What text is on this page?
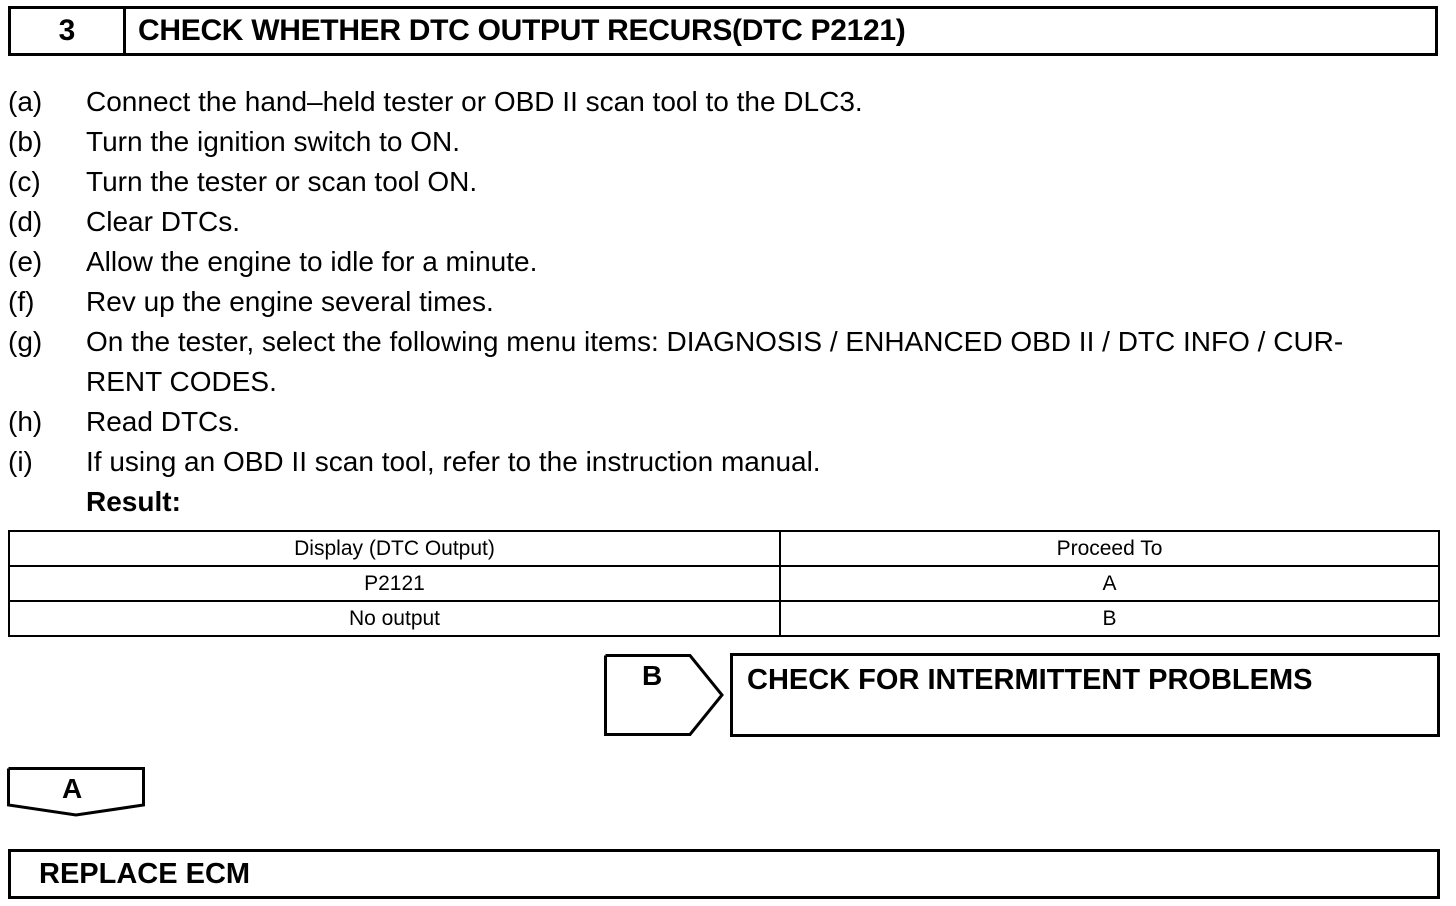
3	CHECK WHETHER DTC OUTPUT RECURS(DTC P2121)
(a)	Connect the hand–held tester or OBD II scan tool to the DLC3.
(b)	Turn the ignition switch to ON.
(c)	Turn the tester or scan tool ON.
(d)	Clear DTCs.
(e)	Allow the engine to idle for a minute.
(f)	Rev up the engine several times.
(g)	On the tester, select the following menu items: DIAGNOSIS / ENHANCED OBD II / DTC INFO / CUR-
RENT CODES.
(h)	Read DTCs.
(i)	If using an OBD II scan tool, refer to the instruction manual.
Result:
Display (DTC Output)	Proceed To
P2121	A
No output	B
B	CHECK FOR INTERMITTENT PROBLEMS
A
REPLACE ECM
